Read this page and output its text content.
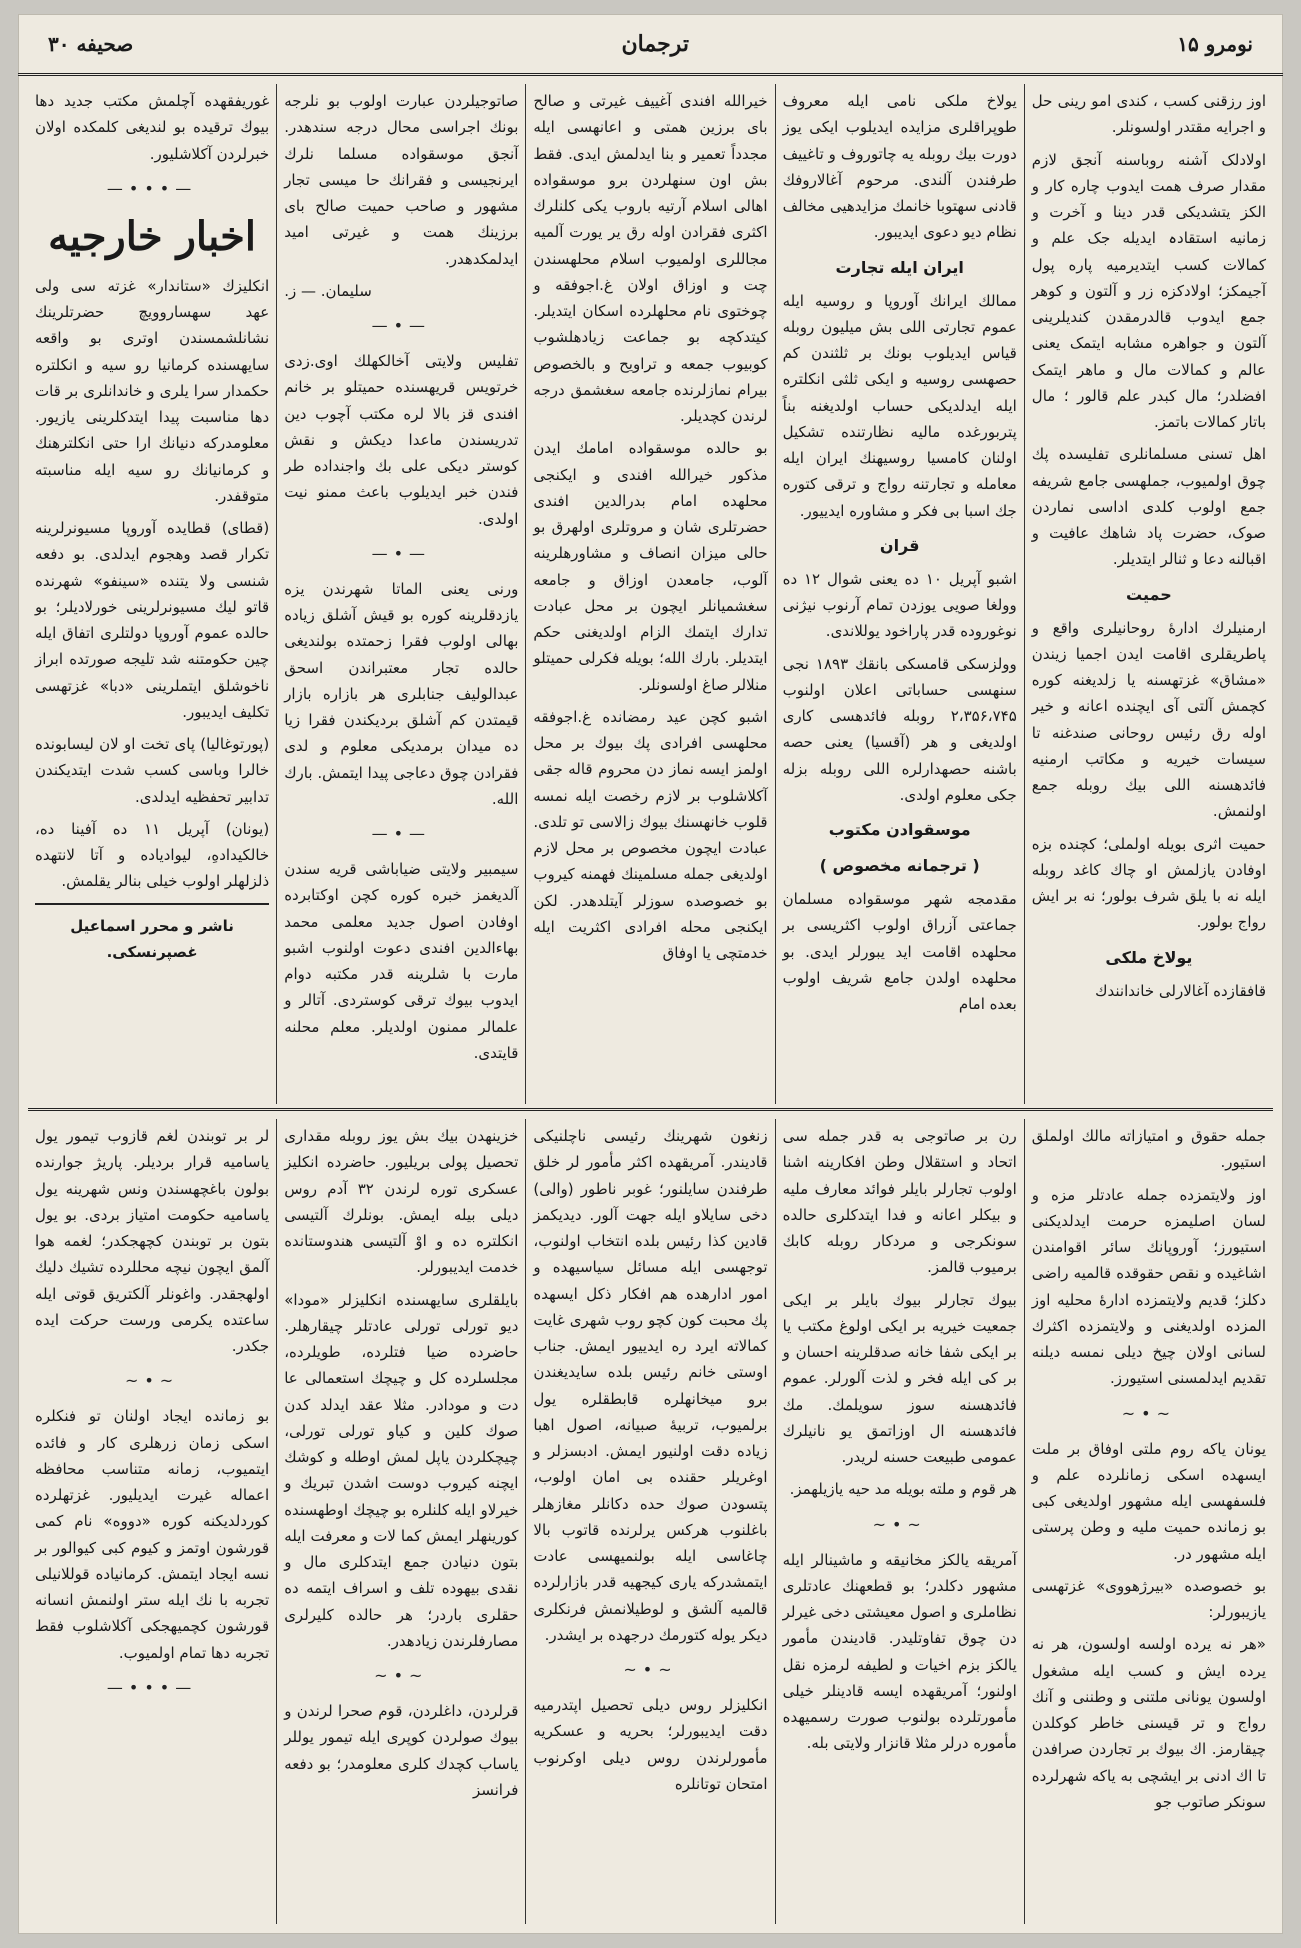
نومرو ۱۵
ترجمان
صحیفه ۳۰

اوز رزقنی کسب ، کندی امو رینی حل و اجرایه مقتدر اولسونلر.

اولادلک آشنه روباسنه آنجق لازم مقدار صرف همت ایدوب چاره کار و الکز یتشدیکی قدر دینا و آخرت و زمانیه استقادہ ایدیله جک علم و کمالات کسب ایتدیرمیه پاره پول آجیمکز؛ اولادکزه زر و آلتون و کوهر جمع ایدوب قالدرمقدن کندیلرینی آلتون و جواهره مشابه ایتمک یعنی عالم و کمالات مال و ماهر ایتمک افضلدر؛ مال کبدر علم قالور ؛ مال باتار کمالات باتمز.

اهل تسنی مسلمانلری تفلیسده پك چوق اولمیوب، جملهسی جامع شریفه جمع اولوب کلدی اداسی نماردن صوک، حضرت پاد شاهك عافیت و اقبالنه دعا و ثنالر ایتدیلر.

حمیت

ارمنیلرك ادارۀ روحانیلری واقع و پاطریقلری اقامت ایدن اجمیا زیندن «مشاق» غزتهسنه یا زلدیغنه کوره کچمش آلتی آی ایچنده اعانه و خیر اوله رق رئیس روحانی صندغنه تا سیسات خیریه و مکاتب ارمنیه فائدهسنه اللی بیك روبله جمع اولنمش.

حمیت اثری بویله اولملی؛ کچنده بزه اوفادن یازلمش او چاك کاغد روبله ایله نه با یلق شرف بولور؛ نه بر ایش رواج بولور.

یولاخ ملکی

قافقازده آغالارلی خاندانندك

یولاخ ملکی نامی ایله معروف طوپراقلری مزایده ایدیلوب ایکی یوز دورت بیك روبله یه چاتوروف و تاغییف طرفندن آلندی. مرحوم آغالاروفك قادنی سهتوبا خانمك مزایدهیی مخالف نظام دیو دعوی ایدیبور.

ایران ایله تجارت

ممالك ایرانك آوروپا و روسیه ایله عموم تجارتی اللی بش میلیون روبله قیاس ایدیلوب بونك بر ثلثندن کم حصهسی روسیه و ایکی ثلثی انکلتره ایله ایدلدیکی حساب اولدیغنه بناً پتربورغده مالیه نظارتنده تشکیل اولنان کامسیا روسیهنك ایران ایله معامله و تجارتنه رواج و ترقی کتوره جك اسبا بی فکر و مشاوره ایدییور.

قران

اشبو آپریل ۱۰ ده یعنی شوال ۱۲ ده وولغا صویی یوزدن تمام آرنوب نیژنی نوغوروده قدر پاراخود یوللاندی.

وولزسکی قامسکی بانقك ۱۸۹۳ نجی سنهسی حساباتی اعلان اولنوب ۲،۳۵۶،۷۴۵ روبله فائدهسی کاری اولدیغی و هر (آقسیا) یعنی حصه باشنه حصهدارلره اللی روبله بزله جکی معلوم اولدی.

موسقوادن مکتوب
( ترجمانه مخصوص )

مقدمجه شهر موسقواده مسلمان جماعتی آزراق اولوب اکثریسی بر محلهده اقامت اید یبورلر ایدی. بو محلهده اولدن جامع شریف اولوب بعده امام

خیرالله افندی آغییف غیرتی و صالح بای برزین همتی و اعانهسی ایله مجدداً تعمیر و بنا ایدلمش ایدی. فقط بش اون سنهلردن برو موسقواده اهالی اسلام آرتیه باروب یکی کلنلرك اکثری فقرادن اوله رق یر یورت آلمیه مجاللری اولمیوب اسلام محلهسندن چت و اوزاق اولان غ.اجوفقه و چوختوی نام محلهلرده اسکان ایتدیلر. کیتدکچه بو جماعت زیادهلشوب کوبیوب جمعه و تراویح و بالخصوص بیرام نمازلرنده جامعه سغشمق درجه لرندن کچدیلر.

بو حالده موسقواده امامك ایدن مذکور خیرالله افندی و ایکنجی محلهده امام بدرالدین افندی حضرتلری شان و مروتلری اولهرق بو حالی میزان انصاف و مشاورهلرینه آلوب، جامعدن اوزاق و جامعه سغشمیانلر ایچون بر محل عبادت تدارك ایتمك الزام اولدیغنی حکم ایتدیلر. بارك الله؛ بویله فکرلی حمیتلو منلالر صاغ اولسونلر.

اشبو کچن عید رمضانده غ.اجوفقه محلهسی افرادی پك بیوك بر محل اولمز ایسه نماز دن محروم قاله جقی آکلاشلوب بر لازم رخصت ایله نمسه قلوب خانهسنك بیوك زالاسی تو تلدی. عبادت ایچون مخصوص بر محل لازم اولدیغی جمله مسلمینك فهمنه کیروب بو خصوصده سوزلر آیتلدهدر. لکن ایکنجی محله افرادی اکثریت ایله خدمتچی یا اوفاق

صاتوجیلردن عبارت اولوب بو نلرجه بونك اجراسی محال درجه سندهدر. آنجق موسقواده مسلما نلرك ایرنجیسی و فقرانك حا میسی تجار مشهور و صاحب حمیت صالح بای برزینك همت و غیرتی امید ایدلمکدهدر.

سلیمان. — ز.
—•—

تفلیس ولایتی آخالکهلك اوی.زدی خرتویس قریهسنده حمیتلو بر خانم افندی قز بالا لره مکتب آچوب دین تدریسندن ماعدا دیکش و نقش کوستر دیکی علی بك واجنداده طر فندن خبر ایدیلوب باعث ممنو نیت اولدی.

—•—

ورنی یعنی الماتا شهرندن یزه یازدقلرینه کوره بو قیش آشلق زیاده بهالی اولوب فقرا زحمتده بولندیغی حالده تجار معتبراندن اسحق عبدالولیف جنابلری هر بازاره بازار قیمتدن کم آشلق بردیکندن فقرا زیا ده میدان برمدیکی معلوم و لدی فقرادن چوق دعاجی پیدا ایتمش. بارك الله.

—•—

سیمبیر ولایتی ضیاباشی قریه سندن آلدیغمز خبره کوره کچن اوکتابرده اوفادن اصول جدید معلمی محمد بهاءالدین افندی دعوت اولنوب اشبو مارت با شلرینه قدر مکتبه دوام ایدوب بیوك ترقی کوستردی. آتالر و علمالر ممنون اولدیلر. معلم محلنه قایتدی.

غوریفقهده آچلمش مکتب جدید دها بیوك ترقیده بو لندیغی کلمکده اولان خبرلردن آکلاشلیور.

—•••—
اخبار خارجیه

انکلیزك «ستاندار» غزته سی ولی عهد سهساروویچ حضرتلرینك نشانلشمسندن اوتری بو واقعه سایهسنده کرمانیا رو سیه و انکلتره حکمدار سرا یلری و خاندانلری بر قات دها مناسبت پیدا ایتدکلرینی یازیور. معلومدرکه دنیانك ارا حتی انکلترهنك و کرمانیانك رو سیه ایله مناسبته متوقفدر.

(قطای) قطایده آوروپا مسیونرلرینه تکرار قصد وهجوم ایدلدی. بو دفعه شنسی ولا یتنده «سینفو» شهرنده قاتو لیك مسیونرلرینی خورلادیلر؛ بو حالده عموم آوروپا دولتلری اتفاق ایله چین حکومتنه شد تلیجه صورتده ابراز ناخوشلق ایتملرینی «دبا» غزتهسی تکلیف ایدیبور.

(پورتوغالیا) پای تخت او لان لیسابونده خالرا وباسی کسب شدت ایتدیکندن تدابیر تحفظیه ایدلدی.

(یونان) آپریل ۱۱ ده آفینا ده، خالکیدادهِ، لیوادیاده و آتا لانتهده ذلزلهلر اولوب خیلی بنالر یقلمش.

ناشر و محرر اسماعیل غصپرنسکی.

جمله حقوق و امتیازاته مالك اولملق استیور.

اوز ولایتمزده جمله عادتلر مزه و لسان اصلیمزه حرمت ایدلدیکنی استیورز؛ آوروپانك سائر اقوامندن اشاغیده و نقص حقوقده قالمیه راضی دکلز؛ قدیم ولایتمزده ادارۀ محلیه اوز المزده اولدیغنی و ولایتمزده اکثرك لسانی اولان چیخ دیلی نمسه دیلنه تقدیم ایدلمسنی استیورز.

~•~

یونان یاکه روم ملتی اوفاق بر ملت ایسهده اسکی زمانلرده علم و فلسفهسی ایله مشهور اولدیغی کبی بو زمانده حمیت ملیه و وطن پرستی ایله مشهور در.

بو خصوصده «بیرژهووی» غزتهسی یازیبورلر:

«هر نه یرده اولسه اولسون، هر نه یرده ایش و کسب ایله مشغول اولسون یونانی ملتنی و وطننی و آنك رواج و تر قیسنی خاطر کوکلدن چیقارمز. اك بیوك بر تجاردن صرافدن تا اك ادنی بر ایشچی به یاکه شهرلرده سونکر صاتوب جو

رن بر صاتوجی به قدر جمله سی اتحاد و استقلال وطن افکارینه اشنا اولوب تجارلر بایلر فوائد معارف ملیه و بیکلر اعانه و فدا ایتدکلری حالده سونکرجی و مردکار روبله کابك برمیوب قالمز.

بیوك تجارلر بیوك بایلر بر ایکی جمعیت خیریه بر ایکی اولوغ مکتب یا بر ایکی شفا خانه صدقلرینه احسان و بر کی ایله فخر و لذت آلورلر. عموم فائدهسنه سوز سویلمك. مك فائدهسنه ال اوزاتمق یو نانیلرك عمومی طبیعت حسنه لریدر.

هر قوم و ملته بویله مد حیه یازیلهمز.

~•~

آمریقه یالکز مخانیقه و ماشینالر ایله مشهور دکلدر؛ بو قطعهنك عادتلری نظاملری و اصول معیشتی دخی غیرلر دن چوق تفاوتلیدر. قادیندن مأمور یالکز بزم اخیات و لطیفه لرمزه نقل اولنور؛ آمریقهده ایسه قادینلر خیلی مأمورتلرده بولنوب صورت رسمیهده مأموره درلر مثلا قانزار ولایتی بله.

زنغون شهرینك رئیسی ناچلنیکی قادیندر. آمریقهده اکثر مأمور لر خلق طرفندن سایلنور؛ غوبر ناطور (والی) دخی سایلاو ایله جهت آلور. دیدیکمز قادین کذا رئیس بلده انتخاب اولنوب، توجهسی ایله مسائل سیاسیهده و امور ادارهده هم افکار ذکل ایسهده پك محبت کون کچو روب شهری غایت کمالاته ایرد رە ایدییور ایمش. جناب اوستی خانم رئیس بلده سایدیغندن برو میخانهلره قابطقلره یول برلمیوب، تربیهٔ صبیانه، اصول اهبا زیاده دقت اولنیور ایمش. ادبسزلر و اوغریلر حقنده بی امان اولوب، پتسودن صوك حده دکانلر مغازهلر باغلنوب هرکس یرلرنده قاتوب بالا چاغاسی ایله بولنمیهسی عادت ایتمشدرکه یاری کیجهیه قدر بازارلرده قالمیه آلشق و لوطیلانمش فرنکلری دیکر یوله کتورمك درجهده بر ایشدر.

~•~

انکلیزلر روس دیلی تحصیل اپتدرمیه دقت ایدیبورلر؛ بحریه و عسکریه مأمورلرندن روس دیلی اوکرنوب امتحان توتانلره

خزینهدن بیك بش یوز روبله مقداری تحصیل پولی بریلیور. حاضرده انکلیز عسکری توره لرندن ۳۲ آدم روس دیلی بیله ایمش. بونلرك آلتیسی انکلتره ده و اوْ آلتیسی هندوستانده خدمت ایدیبورلر.

بایلقلری سایهسنده انکلیزلر «مودا» دیو تورلی تورلی عادتلر چیقارهلر. حاضرده ضیا فتلرده، طویلرده، مجلسلرده کل و چیچك استعمالی عا دت و مودادر. مثلا عقد ایدلد کدن صوك کلین و کیاو تورلی تورلی، چیچکلردن یاپل لمش اوطله و کوشك ایچنه کیروب دوست اشدن تبریك و خیرلاو ایله کلنلره بو چیچك اوطهسنده کورینهلر ایمش کما لات و معرفت ایله بتون دنیادن جمع ایتدکلری مال و نقدی بیهوده تلف و اسراف ایتمه ده حقلری باردر؛ هر حالده کلیرلری مصارفلرندن زیادهدر.

~•~

قرلردن، داغلردن، قوم صحرا لرندن و بیوك صولردن کوپری ایله تیمور یوللر یاساب کچدك کلری معلومدر؛ بو دفعه فرانسز

لر بر توبندن لغم قازوب تیمور یول یاسامیه قرار بردیلر. پاریژ جوارنده بولون باغچهسندن ونس شهرینه یول یاسامیه حکومت امتیاز بردی. بو یول بتون بر توبندن کچهجکدر؛ لغمه هوا آلمق ایچون نیچه محللرده تشیك دلیك اولهجقدر. واغونلر آلکتریق قوتی ایله ساعتده یکرمی ورست حرکت ایده جکدر.

~•~

بو زمانده ایجاد اولنان تو فنکلره اسکی زمان زرهلری کار و فائده ایتمیوب، زمانه متناسب محافظه اعماله غیرت ایدیلیور. غزتهلرده کوردلدیکنه کوره «دووه» نام کمی قورشون اوتمز و کیوم کبی کیوالور بر نسه ایجاد ایتمش. کرمانیاده قوللانیلی تجربه با نك ایله ستر اولنمش انسانه قورشون کچمیهجکی آکلاشلوب فقط تجربه دها تمام اولمیوب.

—•••—
